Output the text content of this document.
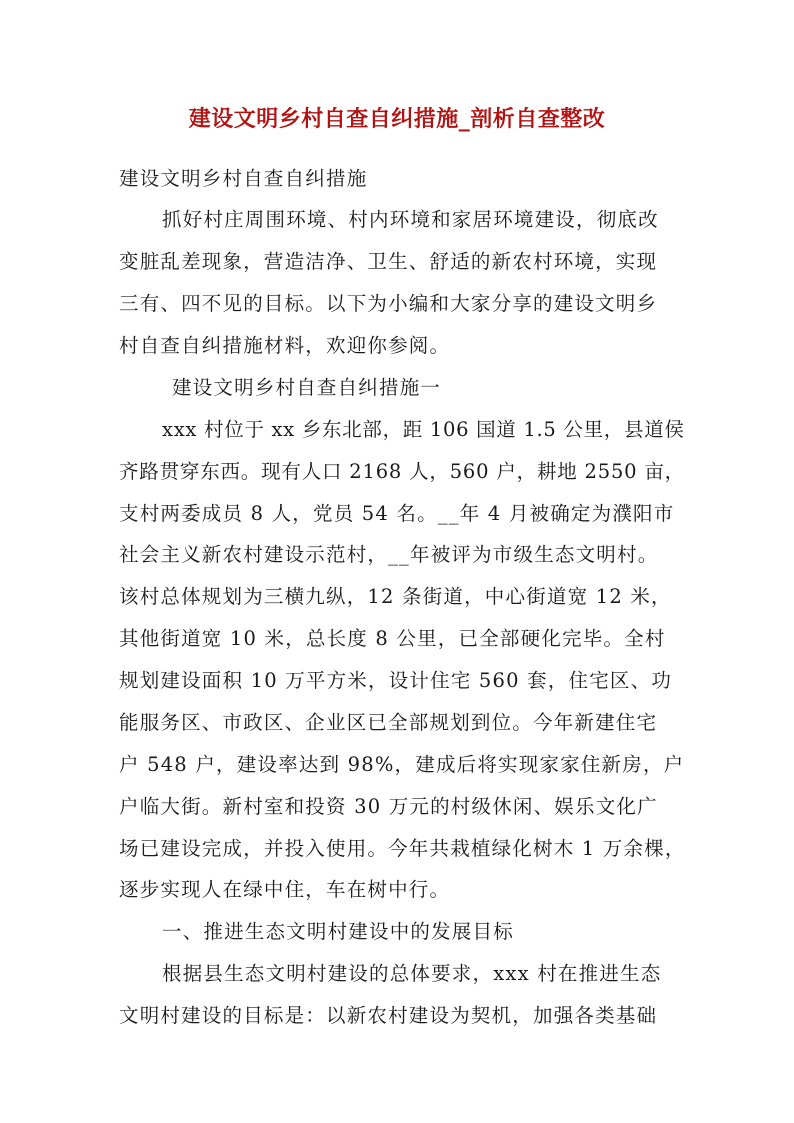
建设文明乡村自查自纠措施_剖析自查整改
建设文明乡村自查自纠措施
抓好村庄周围环境、村内环境和家居环境建设，彻底改
变脏乱差现象，营造洁净、卫生、舒适的新农村环境，实现
三有、四不见的目标。以下为小编和大家分享的建设文明乡
村自查自纠措施材料，欢迎你参阅。
建设文明乡村自查自纠措施一
xxx 村位于 xx 乡东北部，距 106 国道 1.5 公里，县道侯
齐路贯穿东西。现有人口 2168 人，560 户，耕地 2550 亩，
支村两委成员 8 人，党员 54 名。__年 4 月被确定为濮阳市
社会主义新农村建设示范村，__年被评为市级生态文明村。
该村总体规划为三横九纵，12 条街道，中心街道宽 12 米，
其他街道宽 10 米，总长度 8 公里，已全部硬化完毕。全村
规划建设面积 10 万平方米，设计住宅 560 套，住宅区、功
能服务区、市政区、企业区已全部规划到位。今年新建住宅
户 548 户，建设率达到 98%，建成后将实现家家住新房，户
户临大街。新村室和投资 30 万元的村级休闲、娱乐文化广
场已建设完成，并投入使用。今年共栽植绿化树木 1 万余棵，
逐步实现人在绿中住，车在树中行。
一、推进生态文明村建设中的发展目标
根据县生态文明村建设的总体要求，xxx 村在推进生态
文明村建设的目标是：以新农村建设为契机，加强各类基础
